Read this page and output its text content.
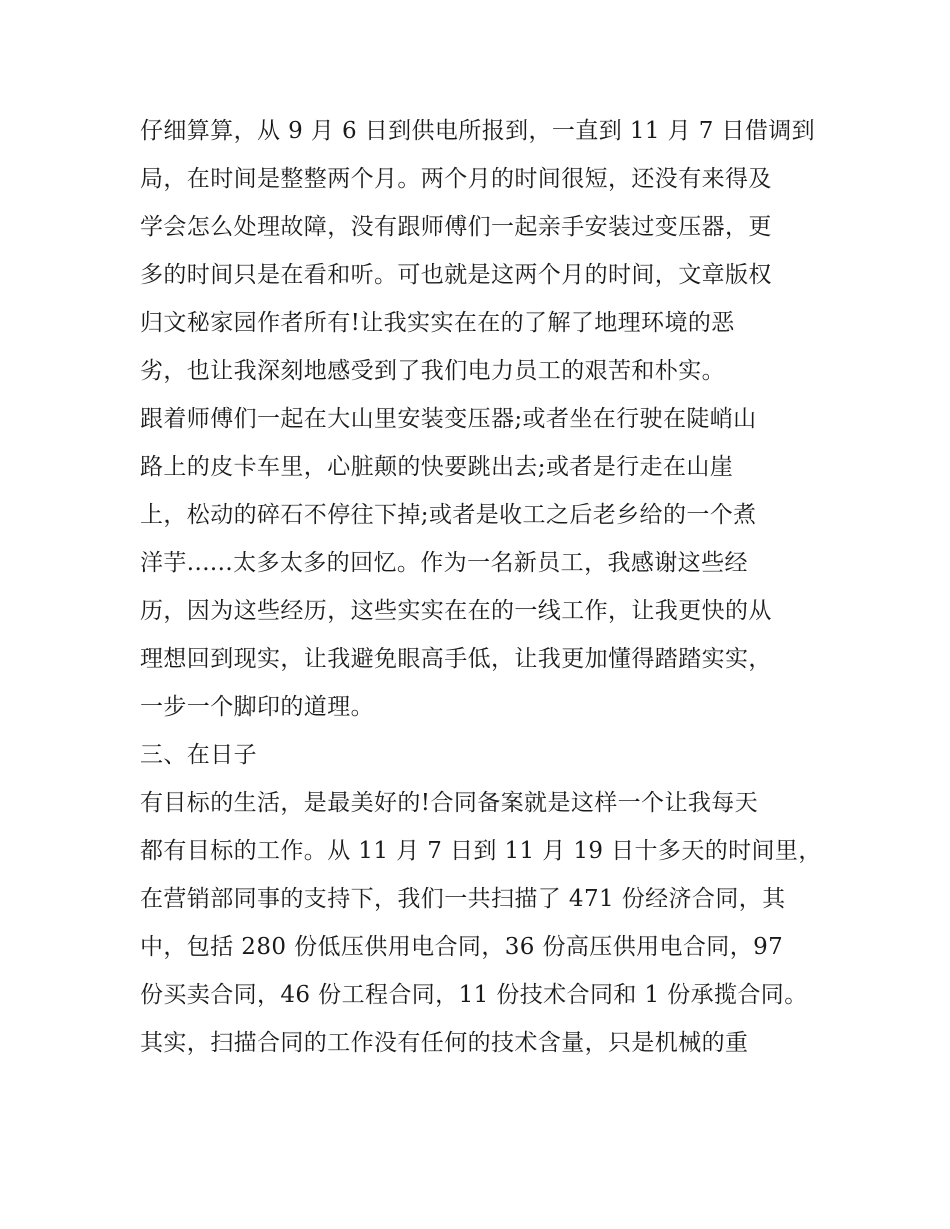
仔细算算，从 9 月 6 日到供电所报到，一直到 11 月 7 日借调到
局，在时间是整整两个月。两个月的时间很短，还没有来得及
学会怎么处理故障，没有跟师傅们一起亲手安装过变压器，更
多的时间只是在看和听。可也就是这两个月的时间，文章版权
归文秘家园作者所有!让我实实在在的了解了地理环境的恶
劣，也让我深刻地感受到了我们电力员工的艰苦和朴实。
跟着师傅们一起在大山里安装变压器;或者坐在行驶在陡峭山
路上的皮卡车里，心脏颠的快要跳出去;或者是行走在山崖
上，松动的碎石不停往下掉;或者是收工之后老乡给的一个煮
洋芋......太多太多的回忆。作为一名新员工，我感谢这些经
历，因为这些经历，这些实实在在的一线工作，让我更快的从
理想回到现实，让我避免眼高手低，让我更加懂得踏踏实实，
一步一个脚印的道理。
三、在日子
有目标的生活，是最美好的!合同备案就是这样一个让我每天
都有目标的工作。从 11 月 7 日到 11 月 19 日十多天的时间里，
在营销部同事的支持下，我们一共扫描了 471 份经济合同，其
中，包括 280 份低压供用电合同，36 份高压供用电合同，97
份买卖合同，46 份工程合同，11 份技术合同和 1 份承揽合同。
其实，扫描合同的工作没有任何的技术含量，只是机械的重
